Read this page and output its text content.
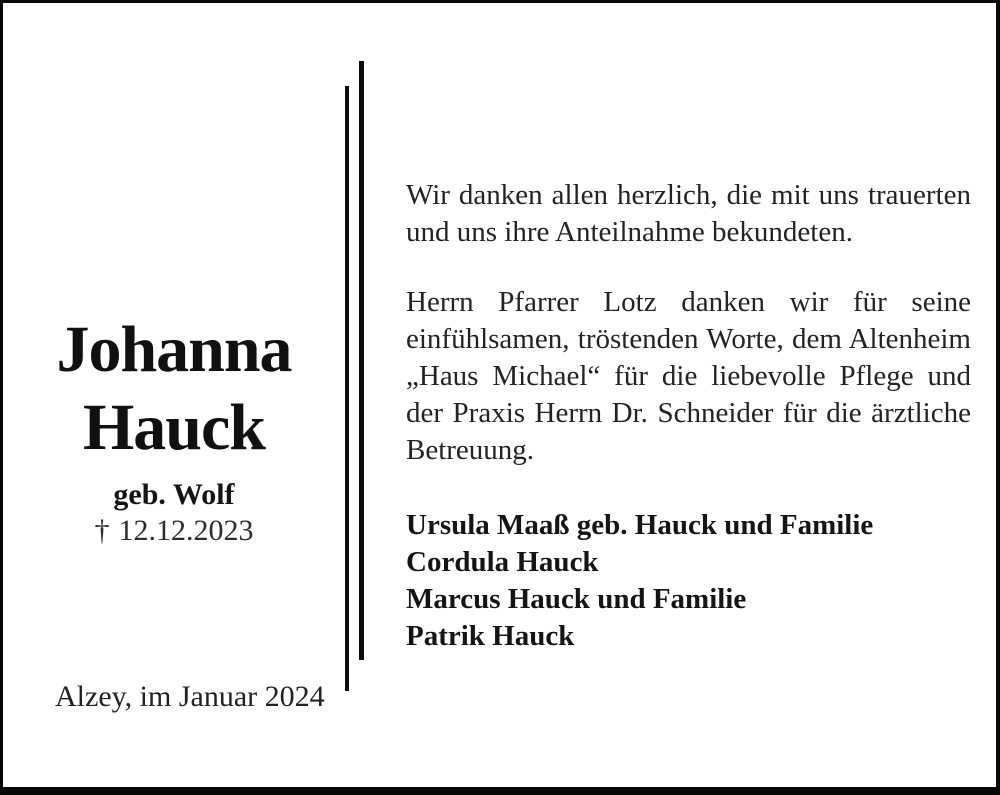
Johanna
Hauck
geb. Wolf
† 12.12.2023
Alzey, im Januar 2024

Wir danken allen herzlich, die mit uns trauerten und uns ihre Anteilnahme bekundeten.

Herrn Pfarrer Lotz danken wir für seine einfühlsamen, tröstenden Worte, dem Altenheim „Haus Michael“ für die liebevolle Pflege und der Praxis Herrn Dr. Schneider für die ärztliche Betreuung.

Ursula Maaß geb. Hauck und Familie
Cordula Hauck
Marcus Hauck und Familie
Patrik Hauck
